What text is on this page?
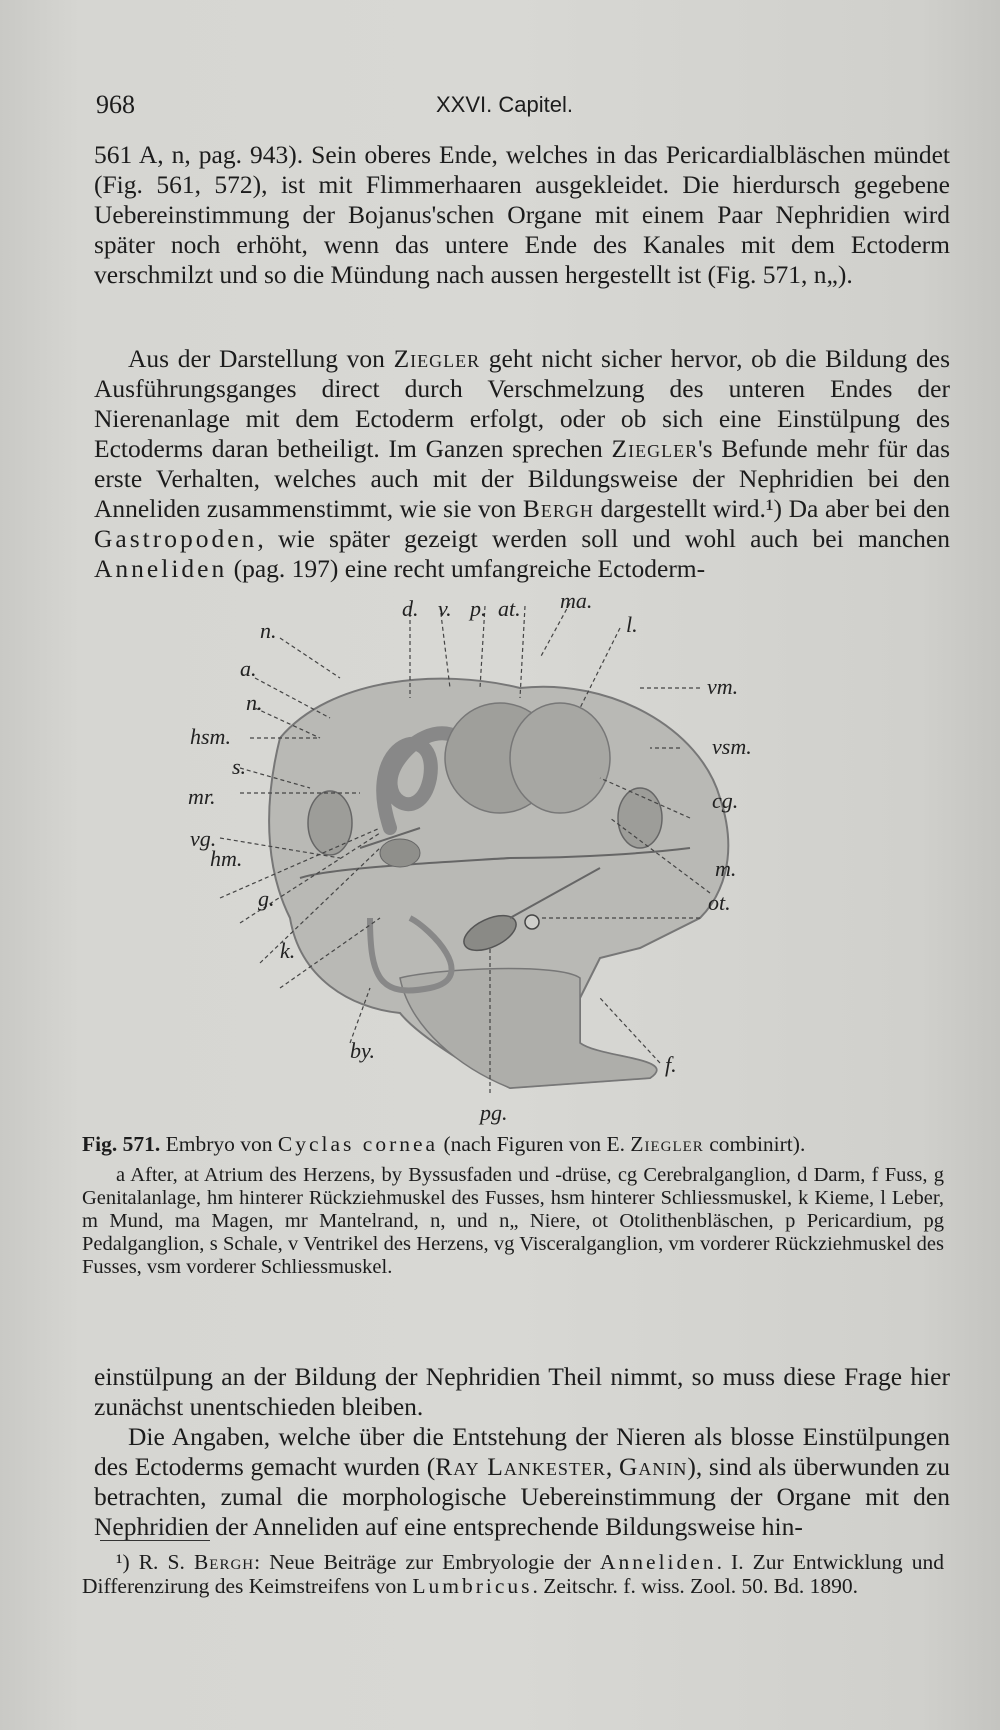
968	XXVI. Capitel.

561 A, n, pag. 943). Sein oberes Ende, welches in das Pericardialbläschen mündet (Fig. 561, 572), ist mit Flimmerhaaren ausgekleidet. Die hierdursch gegebene Uebereinstimmung der Bojanus'schen Organe mit einem Paar Nephridien wird später noch erhöht, wenn das untere Ende des Kanales mit dem Ectoderm verschmilzt und so die Mündung nach aussen hergestellt ist (Fig. 571, n„).

Aus der Darstellung von Ziegler geht nicht sicher hervor, ob die Bildung des Ausführungsganges direct durch Verschmelzung des unteren Endes der Nierenanlage mit dem Ectoderm erfolgt, oder ob sich eine Einstülpung des Ectoderms daran betheiligt. Im Ganzen sprechen Ziegler's Befunde mehr für das erste Verhalten, welches auch mit der Bildungsweise der Nephridien bei den Anneliden zusammenstimmt, wie sie von Bergh dargestellt wird.¹) Da aber bei den Gastropoden, wie später gezeigt werden soll und wohl auch bei manchen Anneliden (pag. 197) eine recht umfangreiche Ectoderm-

d. v. p. at. ma.
l.
n.
a.
n.
hsm.
s.
mr.
vg.
hm.
g.
k.
by.
pg.
f.
vm.
vsm.
cg.
m.
ot.

Fig. 571. Embryo von Cyclas cornea (nach Figuren von E. Ziegler combinirt).

a After, at Atrium des Herzens, by Byssusfaden und -drüse, cg Cerebralganglion, d Darm, f Fuss, g Genitalanlage, hm hinterer Rückziehmuskel des Fusses, hsm hinterer Schliessmuskel, k Kieme, l Leber, m Mund, ma Magen, mr Mantelrand, n, und n„ Niere, ot Otolithenbläschen, p Pericardium, pg Pedalganglion, s Schale, v Ventrikel des Herzens, vg Visceralganglion, vm vorderer Rückziehmuskel des Fusses, vsm vorderer Schliessmuskel.

einstülpung an der Bildung der Nephridien Theil nimmt, so muss diese Frage hier zunächst unentschieden bleiben.

Die Angaben, welche über die Entstehung der Nieren als blosse Einstülpungen des Ectoderms gemacht wurden (Ray Lankester, Ganin), sind als überwunden zu betrachten, zumal die morphologische Uebereinstimmung der Organe mit den Nephridien der Anneliden auf eine entsprechende Bildungsweise hin-

¹) R. S. Bergh: Neue Beiträge zur Embryologie der Anneliden. I. Zur Entwicklung und Differenzirung des Keimstreifens von Lumbricus. Zeitschr. f. wiss. Zool. 50. Bd. 1890.
